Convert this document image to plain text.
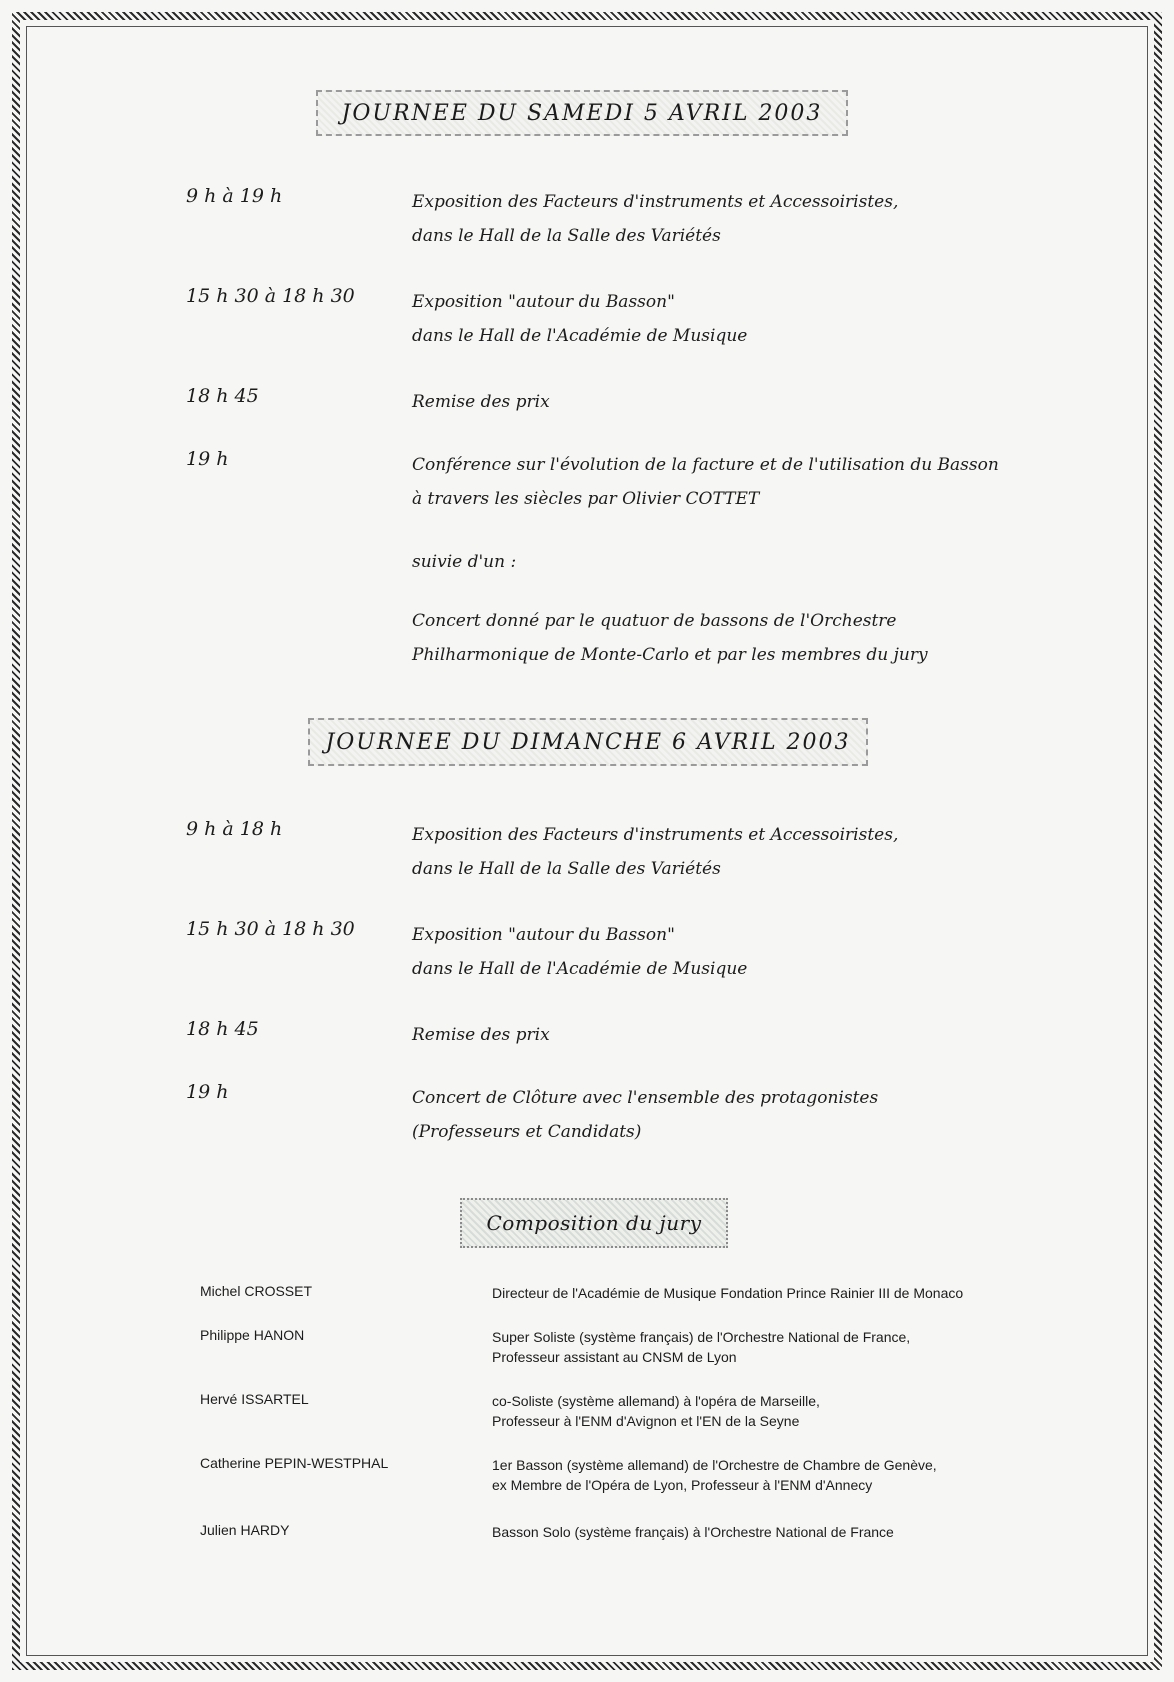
JOURNEE DU SAMEDI 5 AVRIL 2003
9 h à 19 h	Exposition des Facteurs d'instruments et Accessoiristes,
dans le Hall de la Salle des Variétés
15 h 30 à 18 h 30	Exposition "autour du Basson"
dans le Hall de l'Académie de Musique
18 h 45	Remise des prix
19 h	Conférence sur l'évolution de la facture et de l'utilisation du Basson
à travers les siècles par Olivier COTTET
suivie d'un :
Concert donné par le quatuor de bassons de l'Orchestre
Philharmonique de Monte-Carlo et par les membres du jury
JOURNEE DU DIMANCHE 6 AVRIL 2003
9 h à 18 h	Exposition des Facteurs d'instruments et Accessoiristes,
dans le Hall de la Salle des Variétés
15 h 30 à 18 h 30	Exposition "autour du Basson"
dans le Hall de l'Académie de Musique
18 h 45	Remise des prix
19 h	Concert de Clôture avec l'ensemble des protagonistes
(Professeurs et Candidats)
Composition du jury
Michel CROSSET	Directeur de l'Académie de Musique Fondation Prince Rainier III de Monaco
Philippe HANON	Super Soliste (système français) de l'Orchestre National de France,
Professeur assistant au CNSM de Lyon
Hervé ISSARTEL	co-Soliste (système allemand) à l'opéra de Marseille,
Professeur à l'ENM d'Avignon et l'EN de la Seyne
Catherine PEPIN-WESTPHAL	1er Basson (système allemand) de l'Orchestre de Chambre de Genève,
ex Membre de l'Opéra de Lyon, Professeur à l'ENM d'Annecy
Julien HARDY	Basson Solo (système français) à l'Orchestre National de France
